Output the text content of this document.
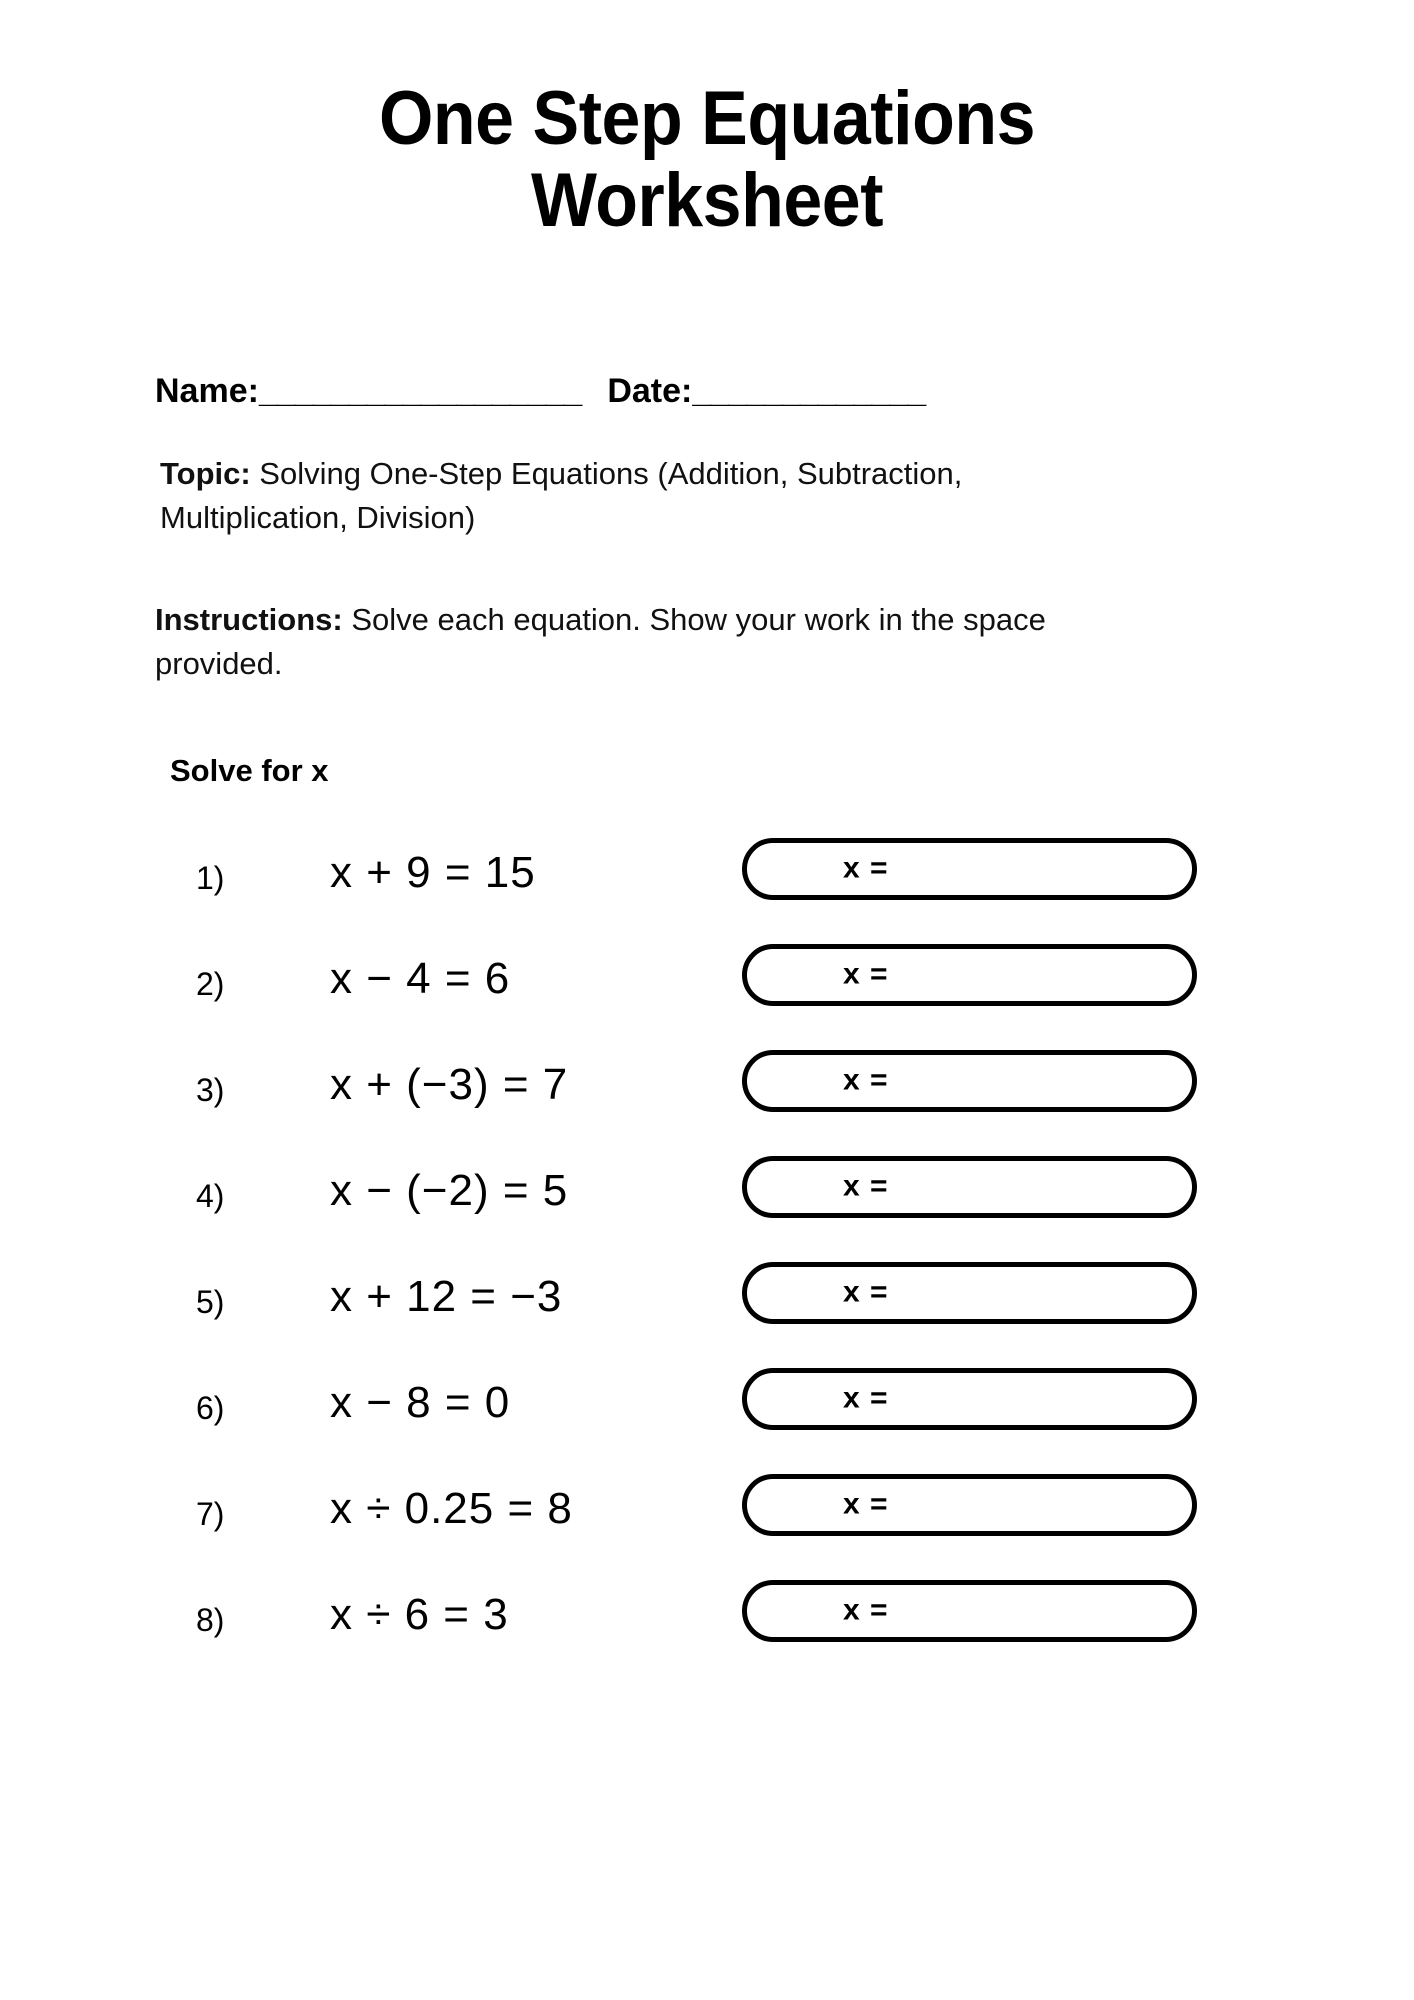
One Step Equations
Worksheet
Name: __________________ Date: _____________
Topic: Solving One-Step Equations (Addition, Subtraction, Multiplication, Division)
Instructions: Solve each equation. Show your work in the space provided.
Solve for x
1)	x + 9 = 15	x =
2)	x − 4 = 6	x =
3)	x + (−3) = 7	x =
4)	x − (−2) = 5	x =
5)	x + 12 = −3	x =
6)	x − 8 = 0	x =
7)	x ÷ 0.25 = 8	x =
8)	x ÷ 6 = 3	x =
